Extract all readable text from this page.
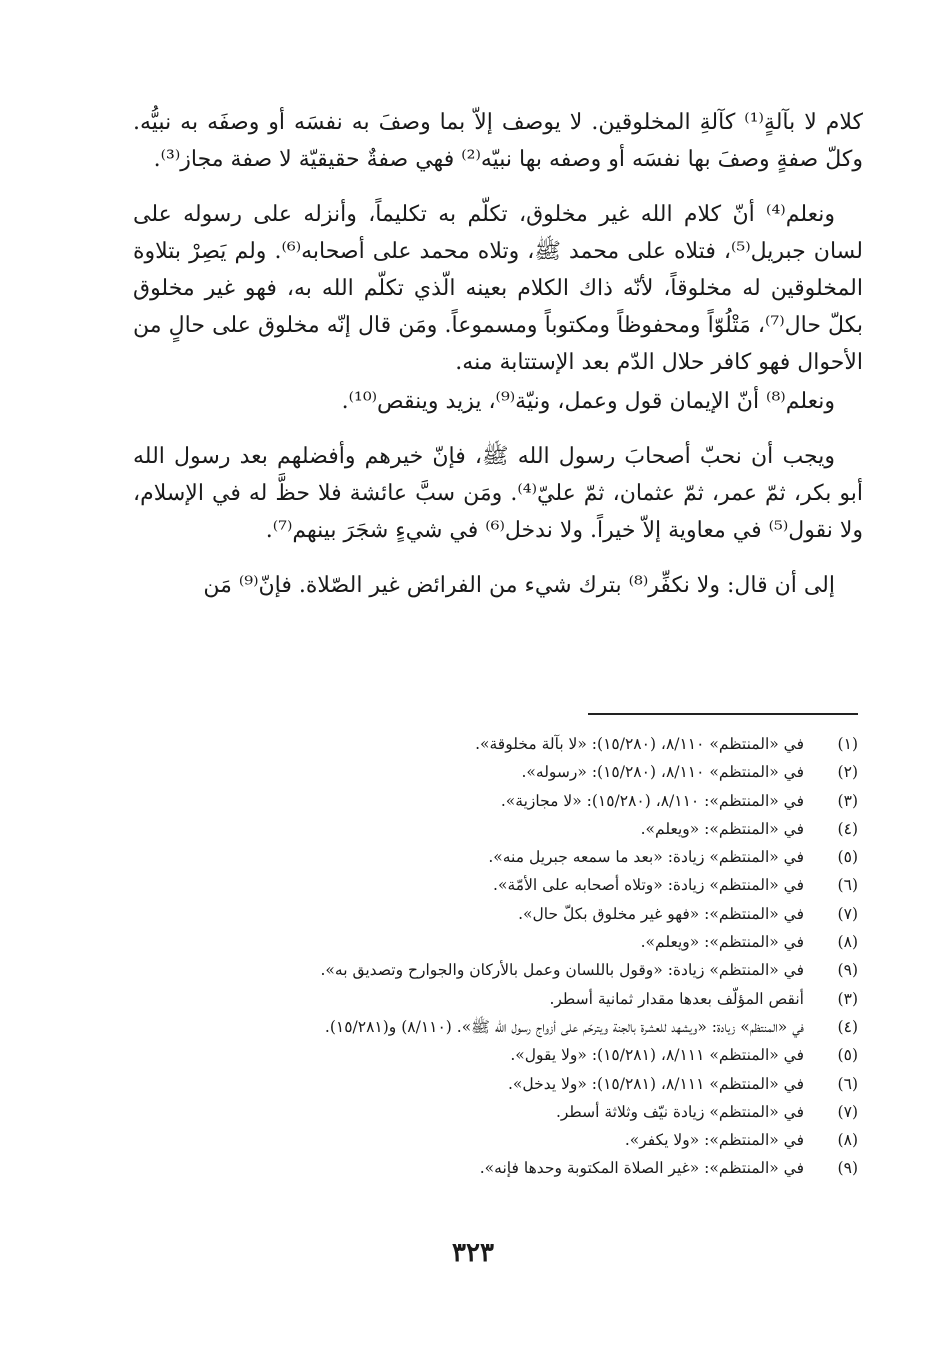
كلام لا بآلةٍ⁽¹⁾ كآلةِ المخلوقين. لا يوصف إلاّ بما وصفَ به نفسَه أو وصفَه به نبيُّه. وكلّ صفةٍ وصفَ بها نفسَه أو وصفه بها نبيّه⁽²⁾ فهي صفةٌ حقيقيّة لا صفة مجاز⁽³⁾.

ونعلم⁽⁴⁾ أنّ كلام الله غير مخلوق، تكلّم به تكليماً، وأنزله على رسوله على لسان جبريل⁽⁵⁾، فتلاه على محمد ﷺ، وتلاه محمد على أصحابه⁽⁶⁾. ولم يَصِرْ بتلاوة المخلوقين له مخلوقاً، لأنّه ذاك الكلام بعينه الّذي تكلّم الله به، فهو غير مخلوق بكلّ حال⁽⁷⁾، مَتْلُوّاً ومحفوظاً ومكتوباً ومسموعاً. ومَن قال إنّه مخلوق على حالٍ من الأحوال فهو كافر حلال الدّم بعد الإستتابة منه.

ونعلم⁽⁸⁾ أنّ الإيمان قول وعمل، ونيّة⁽⁹⁾، يزيد وينقص⁽¹⁰⁾.

ويجب أن نحبّ أصحابَ رسول الله ﷺ، فإنّ خيرهم وأفضلهم بعد رسول الله أبو بكر، ثمّ عمر، ثمّ عثمان، ثمّ عليّ⁽⁴⁾. ومَن سبَّ عائشة فلا حظَّ له في الإسلام، ولا نقول⁽⁵⁾ في معاوية إلاّ خيراً. ولا ندخل⁽⁶⁾ في شيءٍ شجَرَ بينهم⁽⁷⁾.

إلى أن قال: ولا نكفِّر⁽⁸⁾ بترك شيء من الفرائض غير الصّلاة. فإنّ⁽⁹⁾ مَن

(١)
في «المنتظم» ٨/١١٠، (١٥/٢٨٠): «لا بآلة مخلوقة».
(٢)
في «المنتظم» ٨/١١٠، (١٥/٢٨٠): «رسوله».
(٣)
في «المنتظم»: ٨/١١٠، (١٥/٢٨٠): «لا مجازية».
(٤)
في «المنتظم»: «ويعلم».
(٥)
في «المنتظم» زيادة: «بعد ما سمعه جبريل منه».
(٦)
في «المنتظم» زيادة: «وتلاه أصحابه على الأمّة».
(٧)
في «المنتظم»: «فهو غير مخلوق بكلّ حال».
(٨)
في «المنتظم»: «ويعلم».
(٩)
في «المنتظم» زيادة: «وقول باللسان وعمل بالأركان والجوارح وتصديق به».
(٣)
أنقص المؤلّف بعدها مقدار ثمانية أسطر.
(٤)
في «المنتظم» زيادة: «ويشهد للعشرة بالجنة ويترحّم على أزواج رسول الله ﷺ». (٨/١١٠) و(١٥/٢٨١).
(٥)
في «المنتظم» ٨/١١١، (١٥/٢٨١): «ولا يقول».
(٦)
في «المنتظم» ٨/١١١، (١٥/٢٨١): «ولا يدخل».
(٧)
في «المنتظم» زيادة نيّف وثلاثة أسطر.
(٨)
في «المنتظم»: «ولا يكفر».
(٩)
في «المنتظم»: «غير الصلاة المكتوبة وحدها فإنه».
٣٢٣
